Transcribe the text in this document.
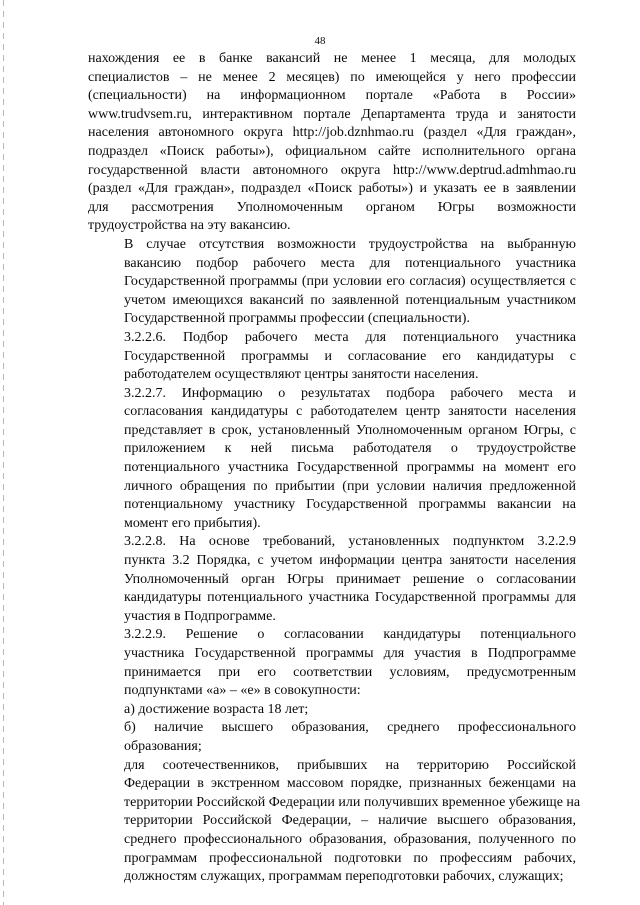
48

нахождения ее в банке вакансий не менее 1 месяца, для молодых
специалистов – не менее 2 месяцев) по имеющейся у него профессии
(специальности) на информационном портале «Работа в России»
www.trudvsem.ru, интерактивном портале Департамента труда и занятости
населения автономного округа http://job.dznhmao.ru (раздел «Для граждан»,
подраздел «Поиск работы»), официальном сайте исполнительного органа
государственной власти автономного округа http://www.deptrud.admhmao.ru
(раздел «Для граждан», подраздел «Поиск работы») и указать ее в заявлении
для рассмотрения Уполномоченным органом Югры возможности
трудоустройства на эту вакансию.

В случае отсутствия возможности трудоустройства на выбранную
вакансию подбор рабочего места для потенциального участника
Государственной программы (при условии его согласия) осуществляется с
учетом имеющихся вакансий по заявленной потенциальным участником
Государственной программы профессии (специальности).

3.2.2.6. Подбор рабочего места для потенциального участника
Государственной программы и согласование его кандидатуры с
работодателем осуществляют центры занятости населения.

3.2.2.7. Информацию о результатах подбора рабочего места и
согласования кандидатуры с работодателем центр занятости населения
представляет в срок, установленный Уполномоченным органом Югры, с
приложением к ней письма работодателя о трудоустройстве
потенциального участника Государственной программы на момент его
личного обращения по прибытии (при условии наличия предложенной
потенциальному участнику Государственной программы вакансии на
момент его прибытия).

3.2.2.8. На основе требований, установленных подпунктом 3.2.2.9
пункта 3.2 Порядка, с учетом информации центра занятости населения
Уполномоченный орган Югры принимает решение о согласовании
кандидатуры потенциального участника Государственной программы для
участия в Подпрограмме.

3.2.2.9. Решение о согласовании кандидатуры потенциального
участника Государственной программы для участия в Подпрограмме
принимается при его соответствии условиям, предусмотренным
подпунктами «а» – «е» в совокупности:

а) достижение возраста 18 лет;

б) наличие высшего образования, среднего профессионального
образования;

для соотечественников, прибывших на территорию Российской
Федерации в экстренном массовом порядке, признанных беженцами на
территории Российской Федерации или получивших временное убежище на
территории Российской Федерации, – наличие высшего образования,
среднего профессионального образования, образования, полученного по
программам профессиональной подготовки по профессиям рабочих,
должностям служащих, программам переподготовки рабочих, служащих;
